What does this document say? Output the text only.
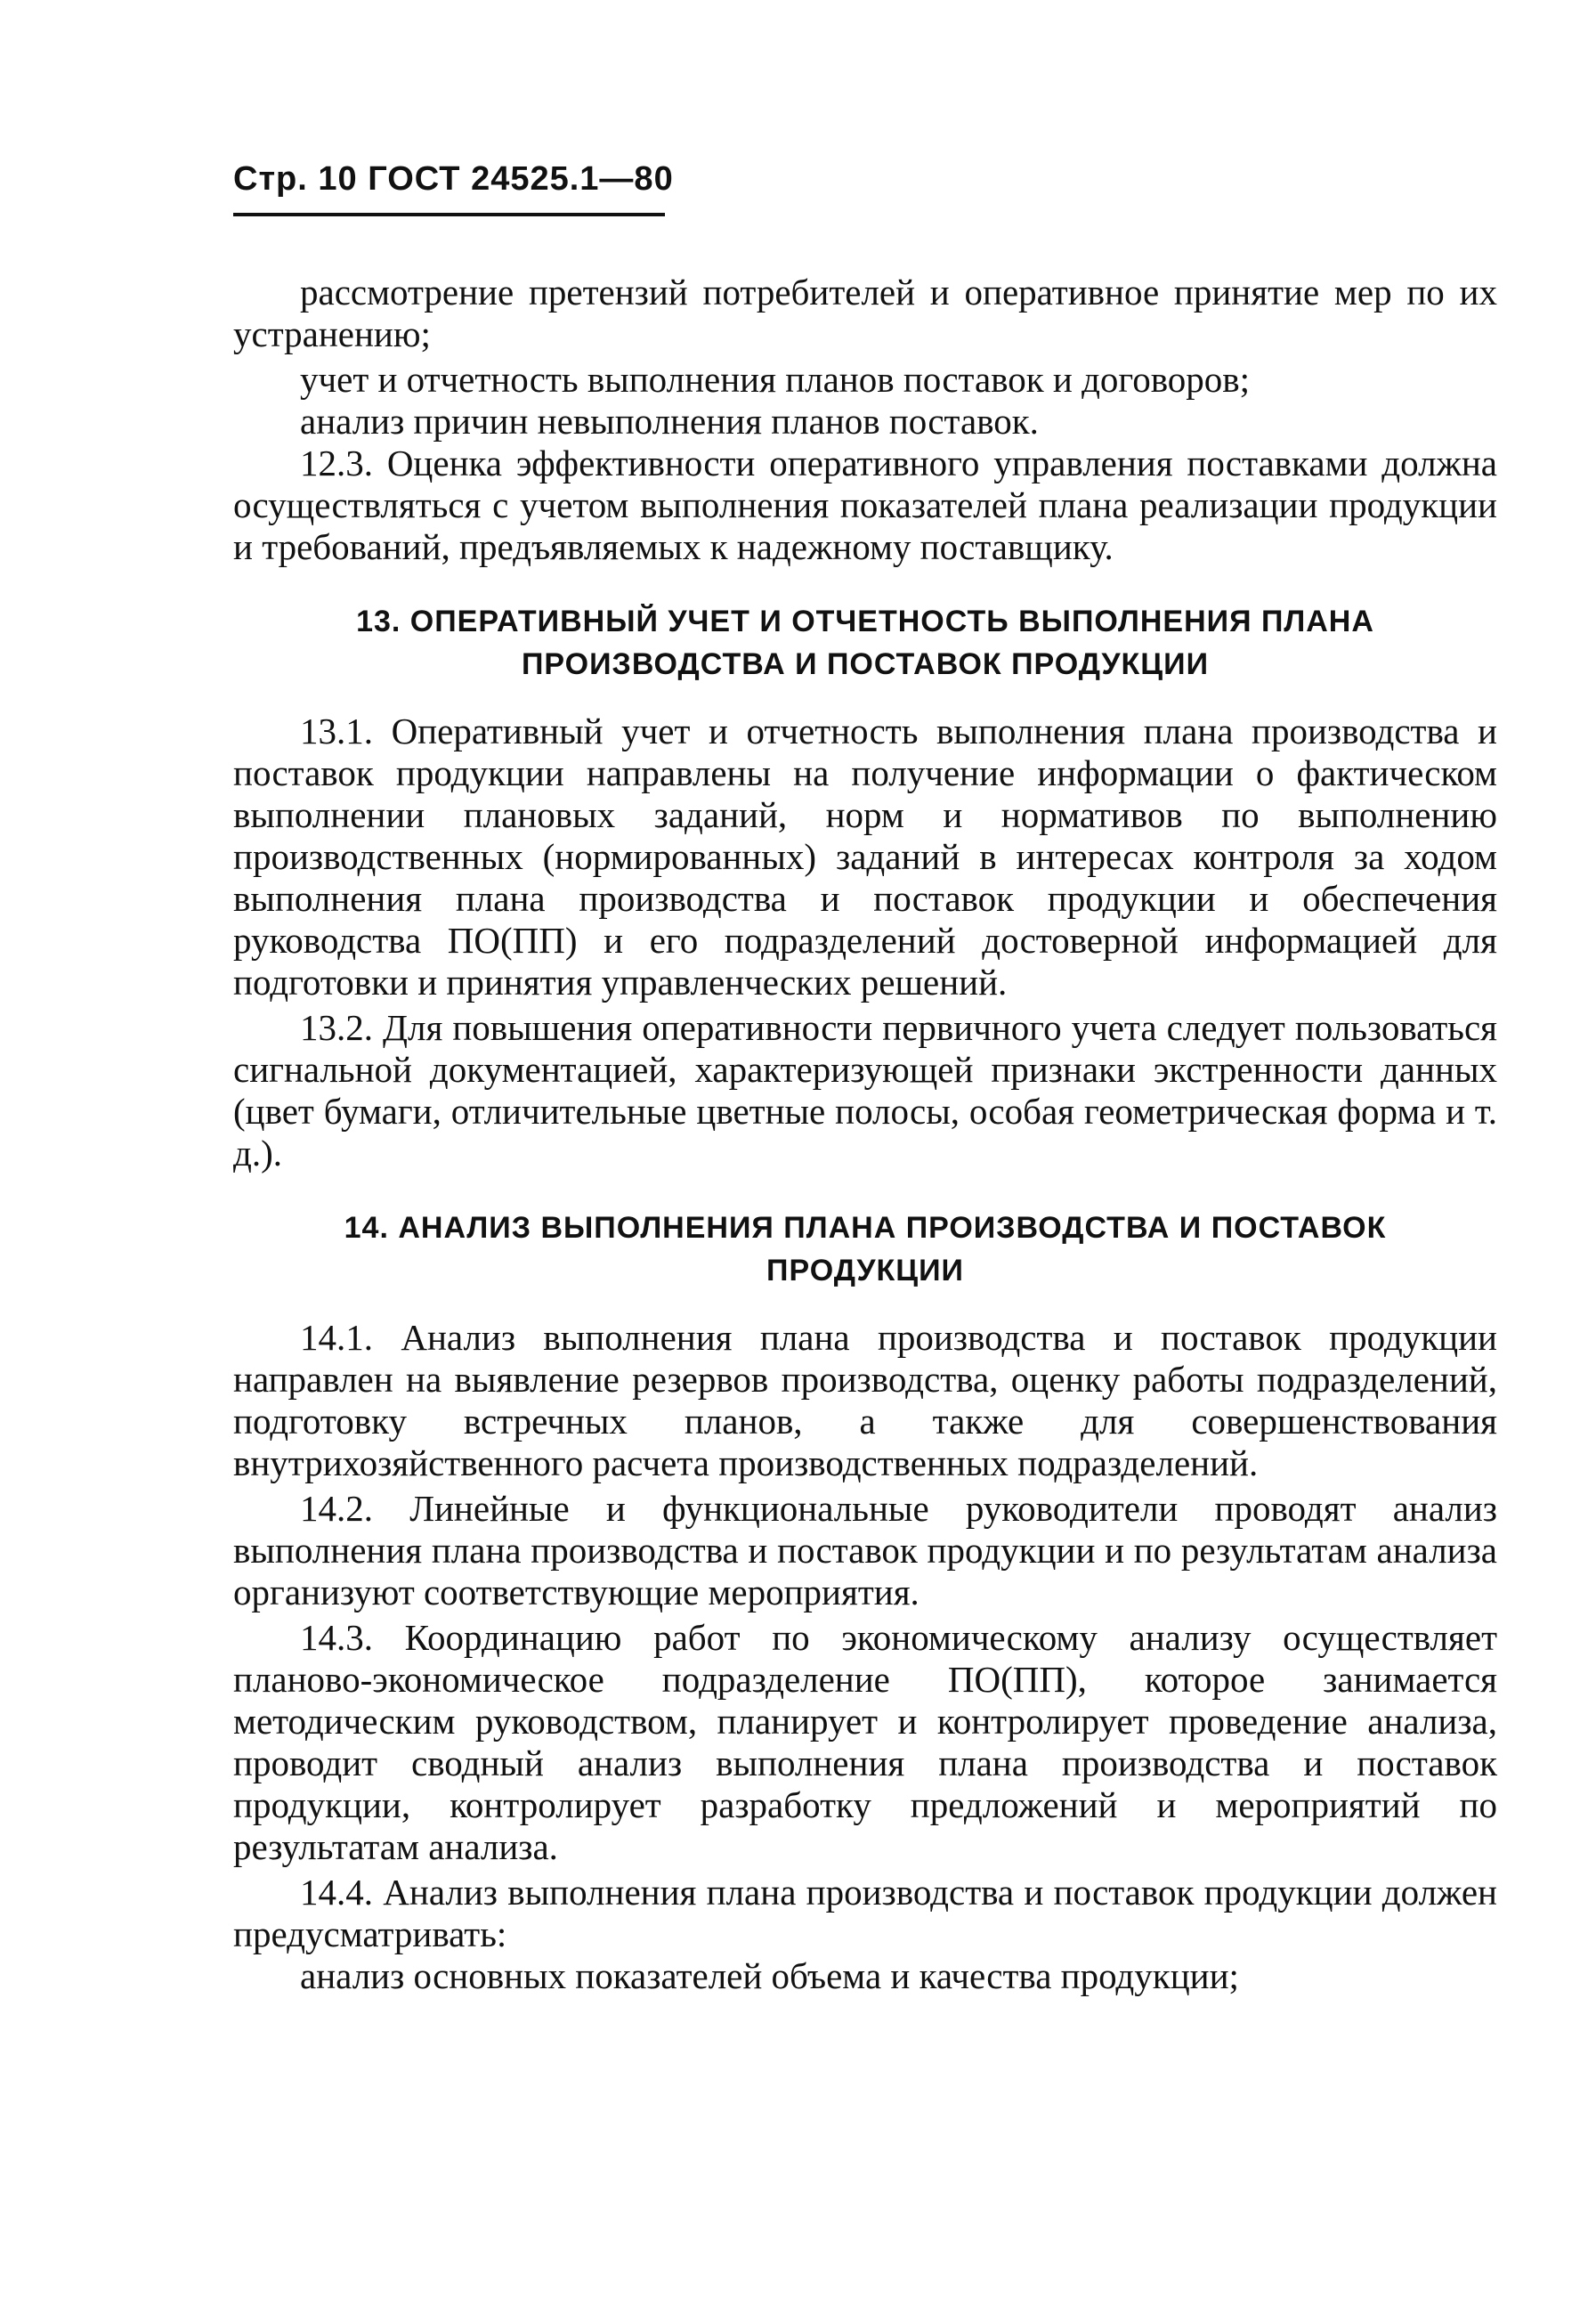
Стр. 10 ГОСТ 24525.1—80

рассмотрение претензий потребителей и оперативное принятие мер по их устранению;

учет и отчетность выполнения планов поставок и договоров;

анализ причин невыполнения планов поставок.

12.3. Оценка эффективности оперативного управления поставками должна осуществляться с учетом выполнения показателей плана реализации продукции и требований, предъявляемых к надежному поставщику.

13. ОПЕРАТИВНЫЙ УЧЕТ И ОТЧЕТНОСТЬ ВЫПОЛНЕНИЯ ПЛАНА ПРОИЗВОДСТВА И ПОСТАВОК ПРОДУКЦИИ

13.1. Оперативный учет и отчетность выполнения плана производства и поставок продукции направлены на получение информации о фактическом выполнении плановых заданий, норм и нормативов по выполнению производственных (нормированных) заданий в интересах контроля за ходом выполнения плана производства и поставок продукции и обеспечения руководства ПО(ПП) и его подразделений достоверной информацией для подготовки и принятия управленческих решений.

13.2. Для повышения оперативности первичного учета следует пользоваться сигнальной документацией, характеризующей признаки экстренности данных (цвет бумаги, отличительные цветные полосы, особая геометрическая форма и т. д.).

14. АНАЛИЗ ВЫПОЛНЕНИЯ ПЛАНА ПРОИЗВОДСТВА И ПОСТАВОК ПРОДУКЦИИ

14.1. Анализ выполнения плана производства и поставок продукции направлен на выявление резервов производства, оценку работы подразделений, подготовку встречных планов, а также для совершенствования внутрихозяйственного расчета производственных подразделений.

14.2. Линейные и функциональные руководители проводят анализ выполнения плана производства и поставок продукции и по результатам анализа организуют соответствующие мероприятия.

14.3. Координацию работ по экономическому анализу осуществляет планово-экономическое подразделение ПО(ПП), которое занимается методическим руководством, планирует и контролирует проведение анализа, проводит сводный анализ выполнения плана производства и поставок продукции, контролирует разработку предложений и мероприятий по результатам анализа.

14.4. Анализ выполнения плана производства и поставок продукции должен предусматривать:

анализ основных показателей объема и качества продукции;
